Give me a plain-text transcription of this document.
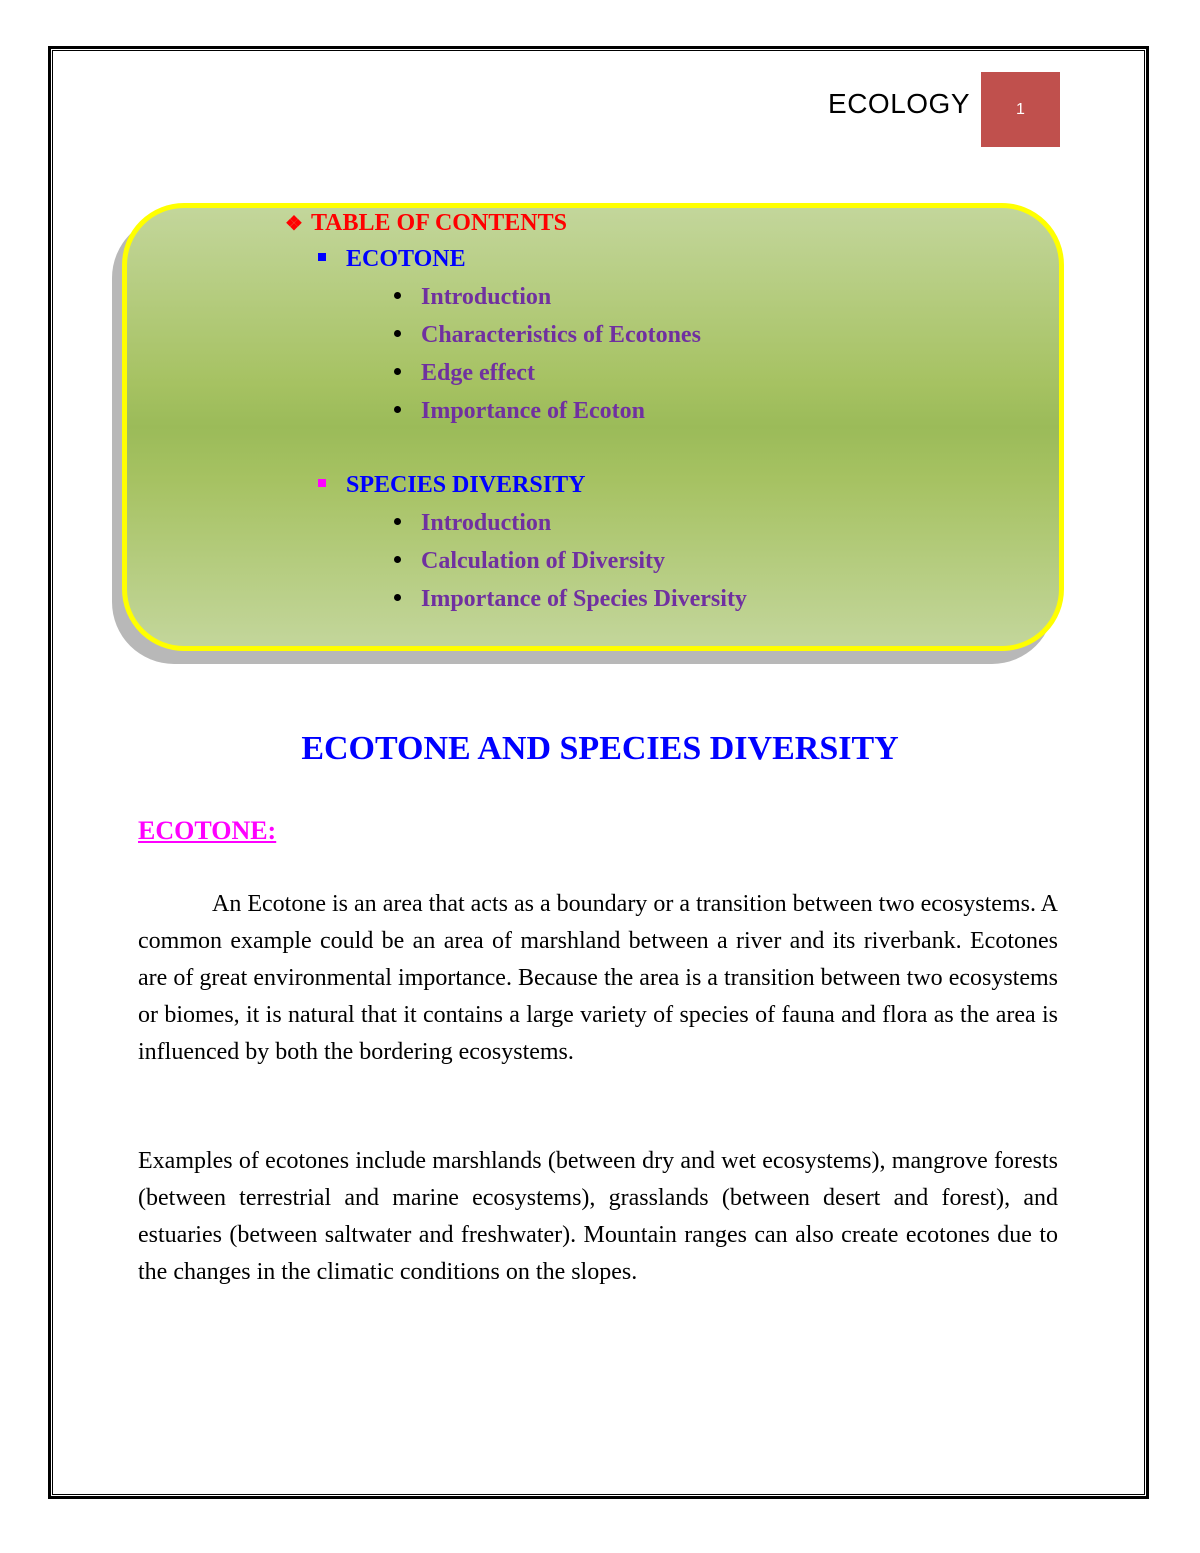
ECOLOGY	1
❖ TABLE OF CONTENTS
ECOTONE
Introduction
Characteristics of Ecotones
Edge effect
Importance of Ecoton
SPECIES DIVERSITY
Introduction
Calculation of Diversity
Importance of Species Diversity
ECOTONE AND SPECIES DIVERSITY
ECOTONE:
An Ecotone is an area that acts as a boundary or a transition between two ecosystems. A common example could be an area of marshland between a river and its riverbank. Ecotones are of great environmental importance. Because the area is a transition between two ecosystems or biomes, it is natural that it contains a large variety of species of fauna and flora as the area is influenced by both the bordering ecosystems.
Examples of ecotones include marshlands (between dry and wet ecosystems), mangrove forests (between terrestrial and marine ecosystems), grasslands (between desert and forest), and estuaries (between saltwater and freshwater). Mountain ranges can also create ecotones due to the changes in the climatic conditions on the slopes.
